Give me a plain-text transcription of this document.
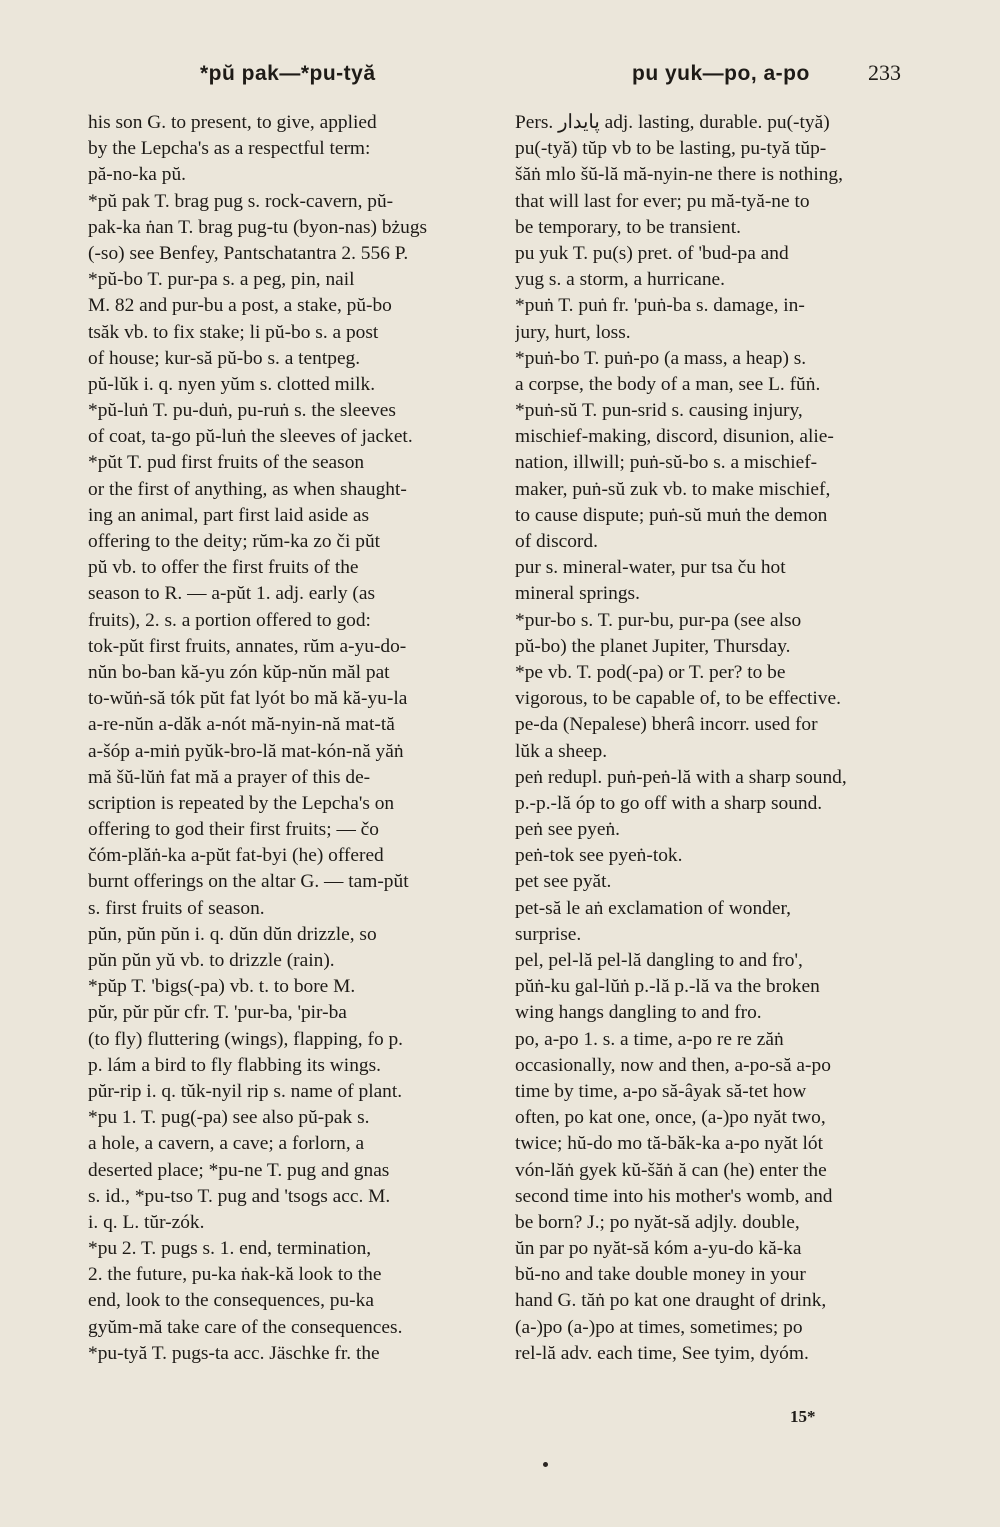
*pŭ pak—*pu-tyă	pu yuk—po, a-po	233
his son G. to present, to give, applied
by the Lepcha's as a respectful term:
pă-no-ka pŭ.
*pŭ pak T. brag pug s. rock-cavern, pŭ-
pak-ka ṅan T. brag pug-tu (byon-nas) bżugs
(-so) see Benfey, Pantschatantra 2. 556 P.
*pŭ-bo T. pur-pa s. a peg, pin, nail
M. 82 and pur-bu a post, a stake, pŭ-bo
tsăk vb. to fix stake; li pŭ-bo s. a post
of house; kur-să pŭ-bo s. a tentpeg.
pŭ-lŭk i. q. nyen yŭm s. clotted milk.
*pŭ-luṅ T. pu-duṅ, pu-ruṅ s. the sleeves
of coat, ta-go pŭ-luṅ the sleeves of jacket.
*pŭt T. pud first fruits of the season
or the first of anything, as when shaught-
ing an animal, part first laid aside as
offering to the deity; rŭm-ka zo či pŭt
pŭ vb. to offer the first fruits of the
season to R. — a-pŭt 1. adj. early (as
fruits), 2. s. a portion offered to god:
tok-pŭt first fruits, annates, rŭm a-yu-do-
nŭn bo-ban kă-yu zón kŭp-nŭn măl pat
to-wŭṅ-să tók pŭt fat lyót bo mă kă-yu-la
a-re-nŭn a-dăk a-nót mă-nyin-nă mat-tă
a-šóp a-miṅ pyŭk-bro-lă mat-kón-nă yăṅ
mă šŭ-lŭṅ fat mă a prayer of this de-
scription is repeated by the Lepcha's on
offering to god their first fruits; — čo
čóm-plăṅ-ka a-pŭt fat-byi (he) offered
burnt offerings on the altar G. — tam-pŭt
s. first fruits of season.
pŭn, pŭn pŭn i. q. dŭn dŭn drizzle, so
pŭn pŭn yŭ vb. to drizzle (rain).
*pŭp T. 'bigs(-pa) vb. t. to bore M.
pŭr, pŭr pŭr cfr. T. 'pur-ba, 'pir-ba
(to fly) fluttering (wings), flapping, fo p.
p. lám a bird to fly flabbing its wings.
pŭr-rip i. q. tŭk-nyil rip s. name of plant.
*pu 1. T. pug(-pa) see also pŭ-pak s.
a hole, a cavern, a cave; a forlorn, a
deserted place; *pu-ne T. pug and gnas
s. id., *pu-tso T. pug and 'tsogs acc. M.
i. q. L. tŭr-zók.
*pu 2. T. pugs s. 1. end, termination,
2. the future, pu-ka ṅak-kă look to the
end, look to the consequences, pu-ka
gyŭm-mă take care of the consequences.
*pu-tyă T. pugs-ta acc. Jäschke fr. the
Pers. پایدار adj. lasting, durable. pu(-tyă)
pu(-tyă) tŭp vb to be lasting, pu-tyă tŭp-
šăṅ mlo šŭ-lă mă-nyin-ne there is nothing,
that will last for ever; pu mă-tyă-ne to
be temporary, to be transient.
pu yuk T. pu(s) pret. of 'bud-pa and
yug s. a storm, a hurricane.
*puṅ T. puṅ fr. 'puṅ-ba s. damage, in-
jury, hurt, loss.
*puṅ-bo T. puṅ-po (a mass, a heap) s.
a corpse, the body of a man, see L. fŭṅ.
*puṅ-sŭ T. pun-srid s. causing injury,
mischief-making, discord, disunion, alie-
nation, illwill; puṅ-sŭ-bo s. a mischief-
maker, puṅ-sŭ zuk vb. to make mischief,
to cause dispute; puṅ-sŭ muṅ the demon
of discord.
pur s. mineral-water, pur tsa ču hot
mineral springs.
*pur-bo s. T. pur-bu, pur-pa (see also
pŭ-bo) the planet Jupiter, Thursday.
*pe vb. T. pod(-pa) or T. per? to be
vigorous, to be capable of, to be effective.
pe-da (Nepalese) bherâ incorr. used for
lŭk a sheep.
peṅ redupl. puṅ-peṅ-lă with a sharp sound,
p.-p.-lă óp to go off with a sharp sound.
peṅ see pyeṅ.
peṅ-tok see pyeṅ-tok.
pet see pyăt.
pet-să le aṅ exclamation of wonder,
surprise.
pel, pel-lă pel-lă dangling to and fro',
pŭṅ-ku gal-lŭṅ p.-lă p.-lă va the broken
wing hangs dangling to and fro.
po, a-po 1. s. a time, a-po re re zăṅ
occasionally, now and then, a-po-să a-po
time by time, a-po să-âyak să-tet how
often, po kat one, once, (a-)po nyăt two,
twice; hŭ-do mo tă-băk-ka a-po nyăt lót
vón-lăṅ gyek kŭ-šăṅ ă can (he) enter the
second time into his mother's womb, and
be born? J.; po nyăt-să adjly. double,
ŭn par po nyăt-să kóm a-yu-do kă-ka
bŭ-no and take double money in your
hand G. tăṅ po kat one draught of drink,
(a-)po (a-)po at times, sometimes; po
rel-lă adv. each time, See tyim, dyóm.
15*
